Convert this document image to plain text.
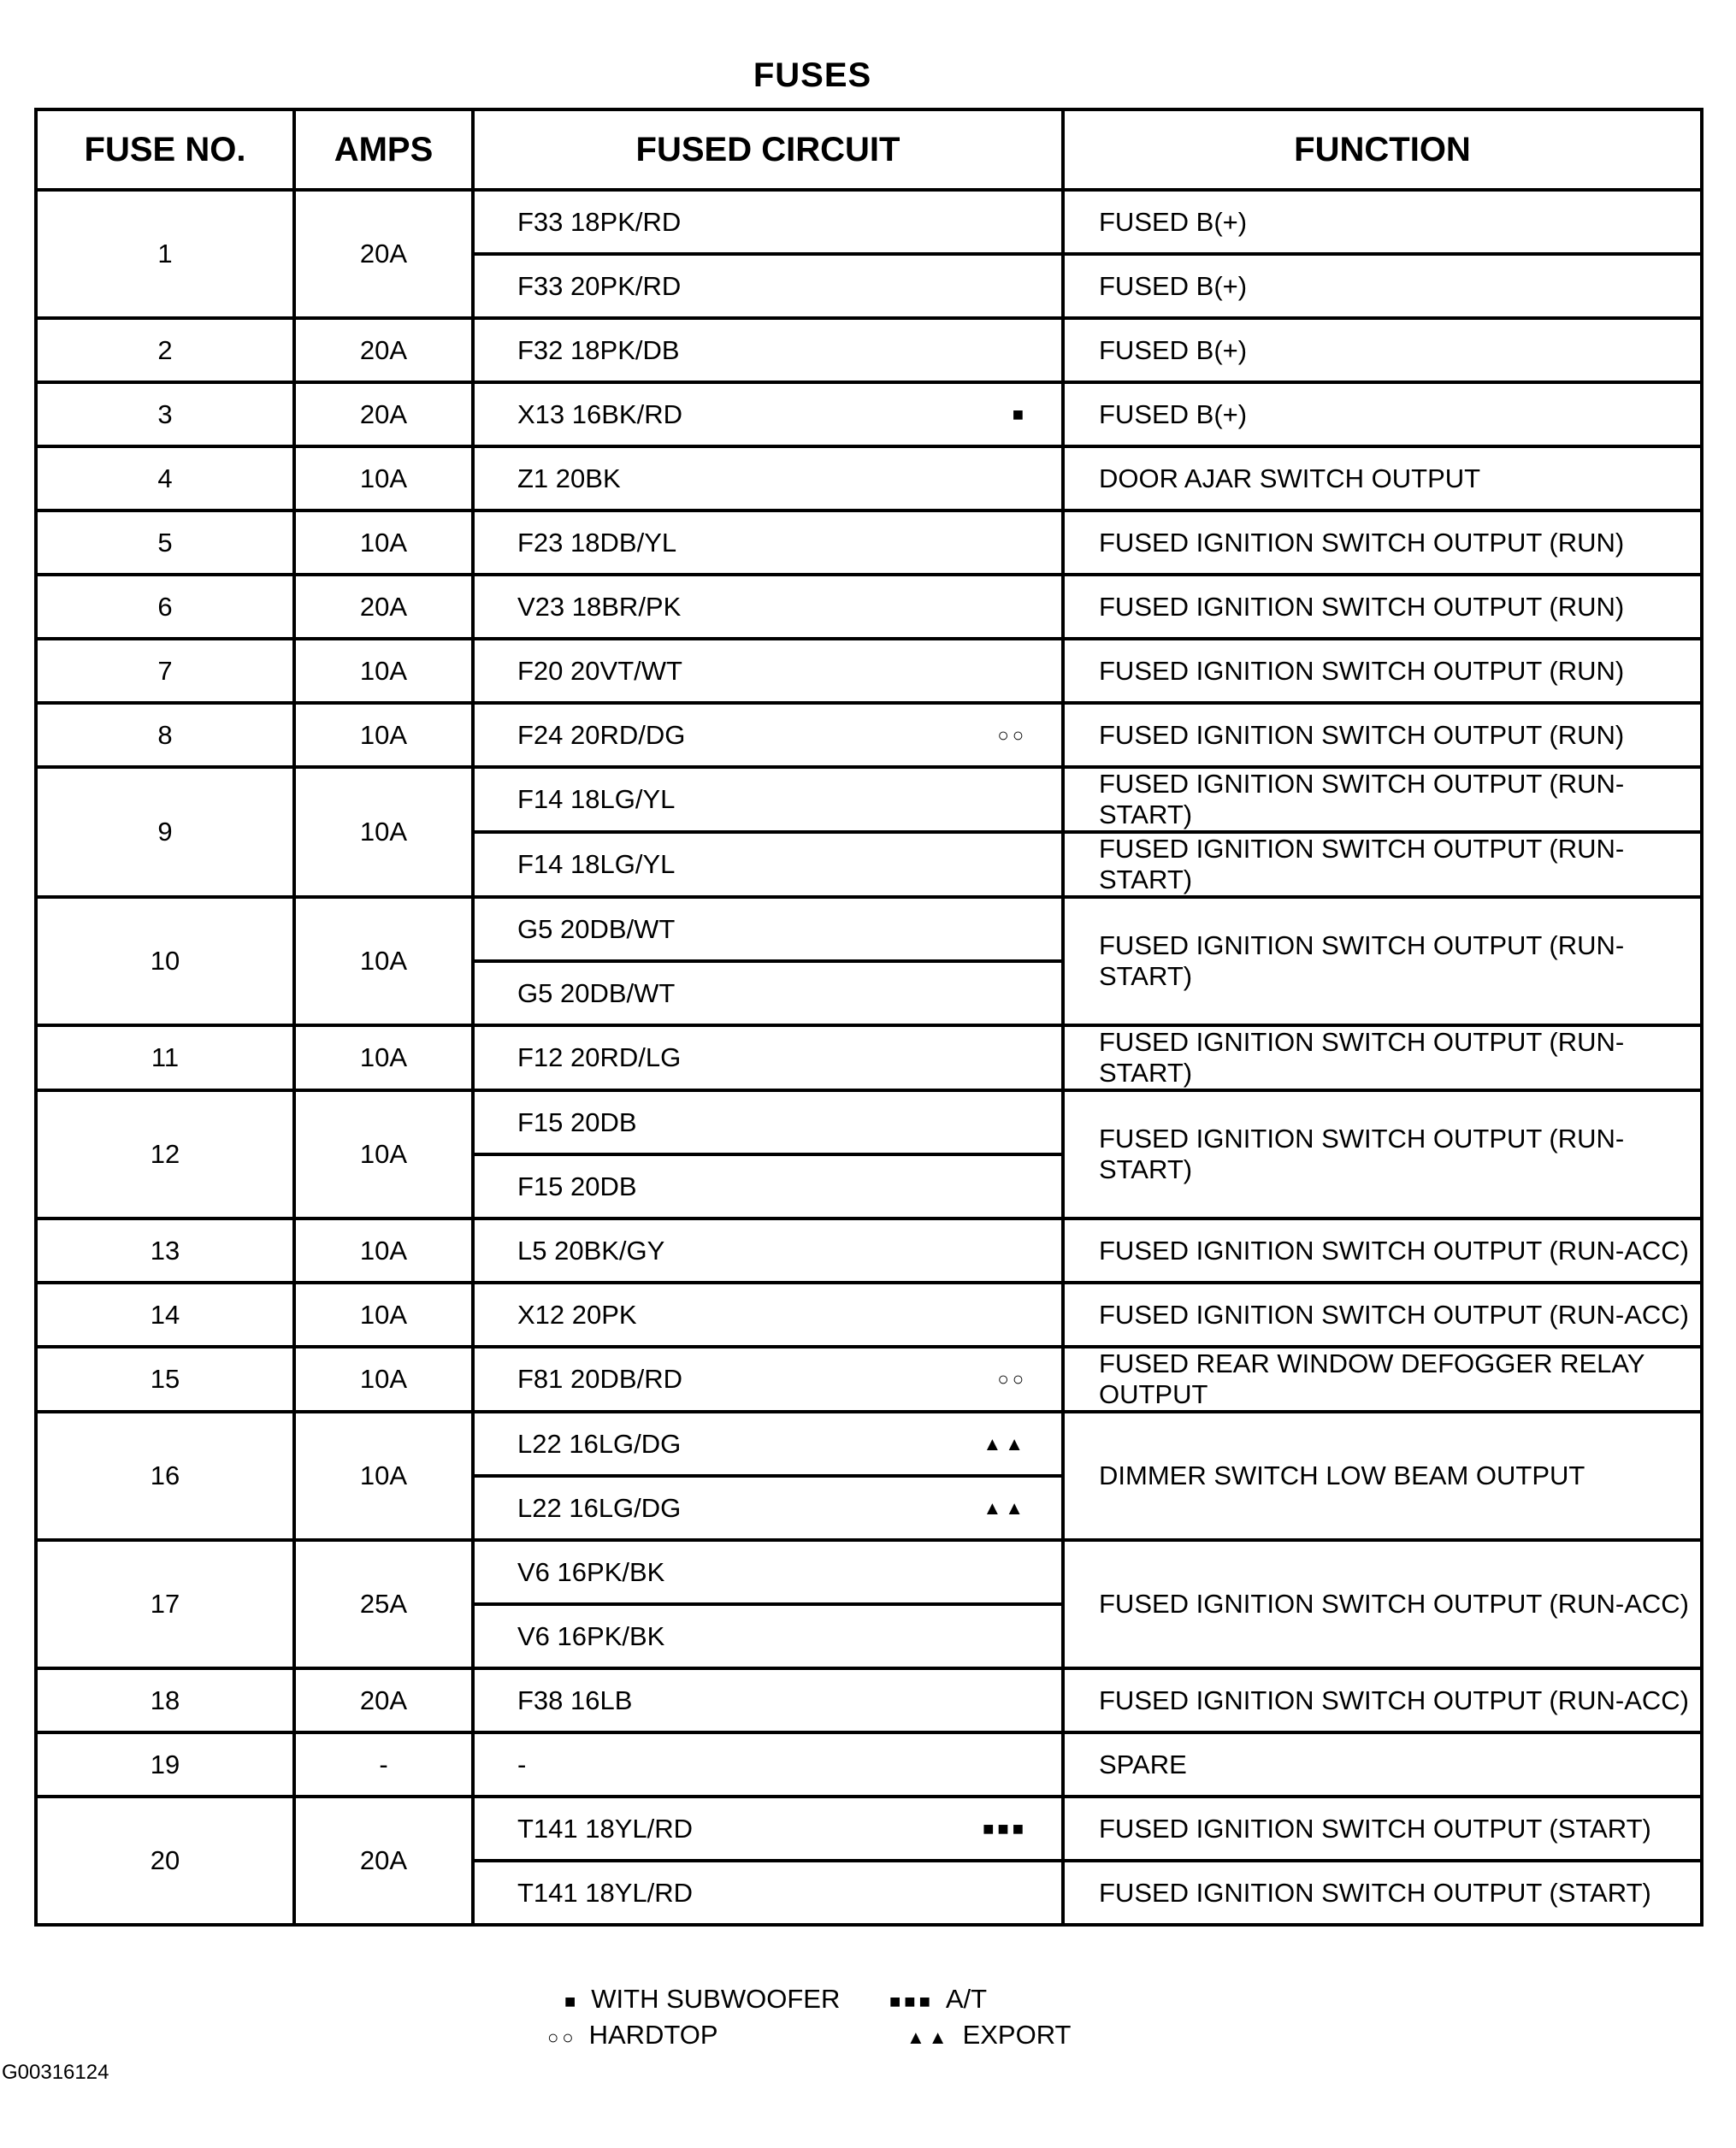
FUSES
FUSE NO.	AMPS	FUSED CIRCUIT	FUNCTION
1	20A	F33 18PK/RD	FUSED B(+)

		F33 20PK/RD	FUSED B(+)
2	20A	F32 18PK/DB	FUSED B(+)
3	20A	X13 16BK/RD ■	FUSED B(+)
4	10A	Z1 20BK	DOOR AJAR SWITCH OUTPUT
5	10A	F23 18DB/YL	FUSED IGNITION SWITCH OUTPUT (RUN)
6	20A	V23 18BR/PK	FUSED IGNITION SWITCH OUTPUT (RUN)
7	10A	F20 20VT/WT	FUSED IGNITION SWITCH OUTPUT (RUN)
8	10A	F24 20RD/DG ○○	FUSED IGNITION SWITCH OUTPUT (RUN)
9	10A	F14 18LG/YL	FUSED IGNITION SWITCH OUTPUT (RUN-START)

		F14 18LG/YL	FUSED IGNITION SWITCH OUTPUT (RUN-START)
10	10A	G5 20DB/WT	FUSED IGNITION SWITCH OUTPUT (RUN-START)

		G5 20DB/WT	

11	10A	F12 20RD/LG	FUSED IGNITION SWITCH OUTPUT (RUN-START)
12	10A	F15 20DB	FUSED IGNITION SWITCH OUTPUT (RUN-START)

		F15 20DB	

13	10A	L5 20BK/GY	FUSED IGNITION SWITCH OUTPUT (RUN-ACC)
14	10A	X12 20PK	FUSED IGNITION SWITCH OUTPUT (RUN-ACC)
15	10A	F81 20DB/RD ○○	FUSED REAR WINDOW DEFOGGER RELAY OUTPUT
16	10A	L22 16LG/DG ▲▲	DIMMER SWITCH LOW BEAM OUTPUT

		L22 16LG/DG ▲▲	

17	25A	V6 16PK/BK	FUSED IGNITION SWITCH OUTPUT (RUN-ACC)

		V6 16PK/BK	

18	20A	F38 16LB	FUSED IGNITION SWITCH OUTPUT (RUN-ACC)
19	-	-	SPARE
20	20A	T141 18YL/RD ■■■	FUSED IGNITION SWITCH OUTPUT (START)

		T141 18YL/RD	FUSED IGNITION SWITCH OUTPUT (START)
■ WITH SUBWOOFER
○○ HARDTOP
■■■ A/T
▲▲ EXPORT
G00316124
